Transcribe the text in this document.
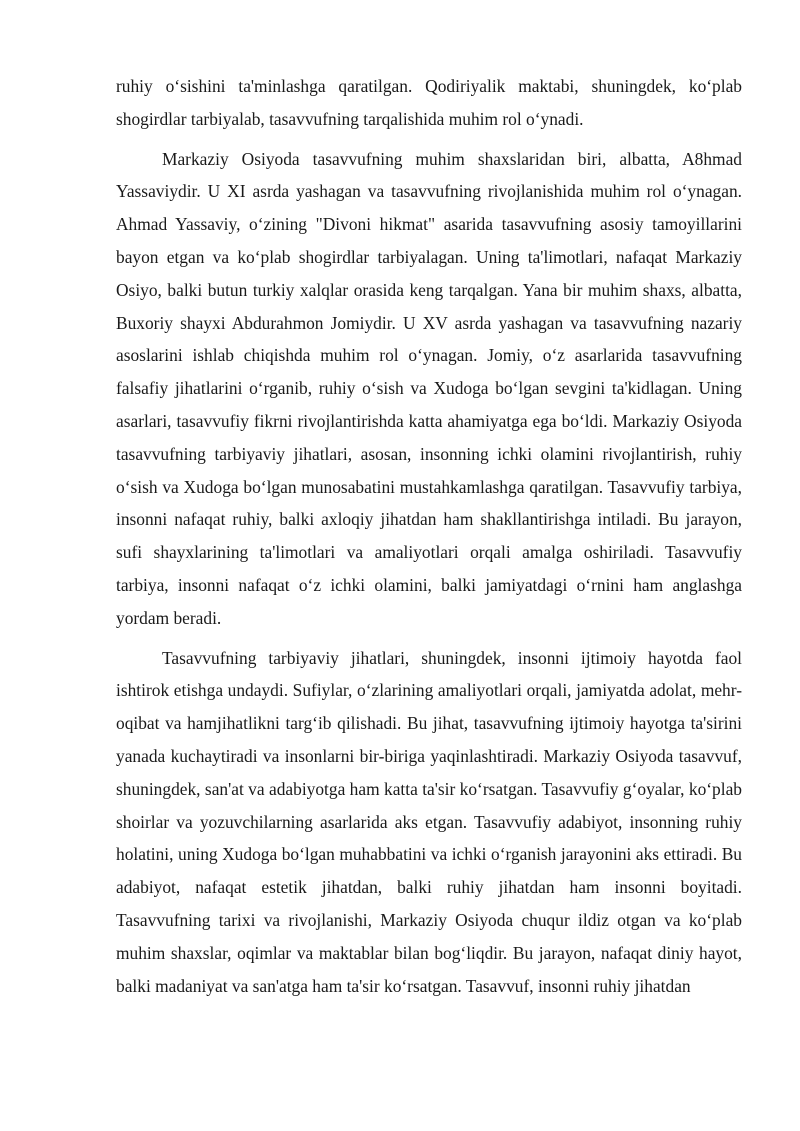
ruhiy o‘sishini ta'minlashga qaratilgan. Qodiriyalik maktabi, shuningdek, ko‘plab shogirdlar tarbiyalab, tasavvufning tarqalishida muhim rol o‘ynadi.

Markaziy Osiyoda tasavvufning muhim shaxslaridan biri, albatta, A8hmad Yassaviydir. U XI asrda yashagan va tasavvufning rivojlanishida muhim rol o‘ynagan. Ahmad Yassaviy, o‘zining "Divoni hikmat" asarida tasavvufning asosiy tamoyillarini bayon etgan va ko‘plab shogirdlar tarbiyalagan. Uning ta'limotlari, nafaqat Markaziy Osiyo, balki butun turkiy xalqlar orasida keng tarqalgan. Yana bir muhim shaxs, albatta, Buxoriy shayxi Abdurahmon Jomiydir. U XV asrda yashagan va tasavvufning nazariy asoslarini ishlab chiqishda muhim rol o‘ynagan. Jomiy, o‘z asarlarida tasavvufning falsafiy jihatlarini o‘rganib, ruhiy o‘sish va Xudoga bo‘lgan sevgini ta'kidlagan. Uning asarlari, tasavvufiy fikrni rivojlantirishda katta ahamiyatga ega bo‘ldi. Markaziy Osiyoda tasavvufning tarbiyaviy jihatlari, asosan, insonning ichki olamini rivojlantirish, ruhiy o‘sish va Xudoga bo‘lgan munosabatini mustahkamlashga qaratilgan. Tasavvufiy tarbiya, insonni nafaqat ruhiy, balki axloqiy jihatdan ham shakllantirishga intiladi. Bu jarayon, sufi shayxlarining ta'limotlari va amaliyotlari orqali amalga oshiriladi. Tasavvufiy tarbiya, insonni nafaqat o‘z ichki olamini, balki jamiyatdagi o‘rnini ham anglashga yordam beradi.

Tasavvufning tarbiyaviy jihatlari, shuningdek, insonni ijtimoiy hayotda faol ishtirok etishga undaydi. Sufiylar, o‘zlarining amaliyotlari orqali, jamiyatda adolat, mehr-oqibat va hamjihatlikni targ‘ib qilishadi. Bu jihat, tasavvufning ijtimoiy hayotga ta'sirini yanada kuchaytiradi va insonlarni bir-biriga yaqinlashtiradi. Markaziy Osiyoda tasavvuf, shuningdek, san'at va adabiyotga ham katta ta'sir ko‘rsatgan. Tasavvufiy g‘oyalar, ko‘plab shoirlar va yozuvchilarning asarlarida aks etgan. Tasavvufiy adabiyot, insonning ruhiy holatini, uning Xudoga bo‘lgan muhabbatini va ichki o‘rganish jarayonini aks ettiradi. Bu adabiyot, nafaqat estetik jihatdan, balki ruhiy jihatdan ham insonni boyitadi. Tasavvufning tarixi va rivojlanishi, Markaziy Osiyoda chuqur ildiz otgan va ko‘plab muhim shaxslar, oqimlar va maktablar bilan bog‘liqdir. Bu jarayon, nafaqat diniy hayot, balki madaniyat va san'atga ham ta'sir ko‘rsatgan. Tasavvuf, insonni ruhiy jihatdan
